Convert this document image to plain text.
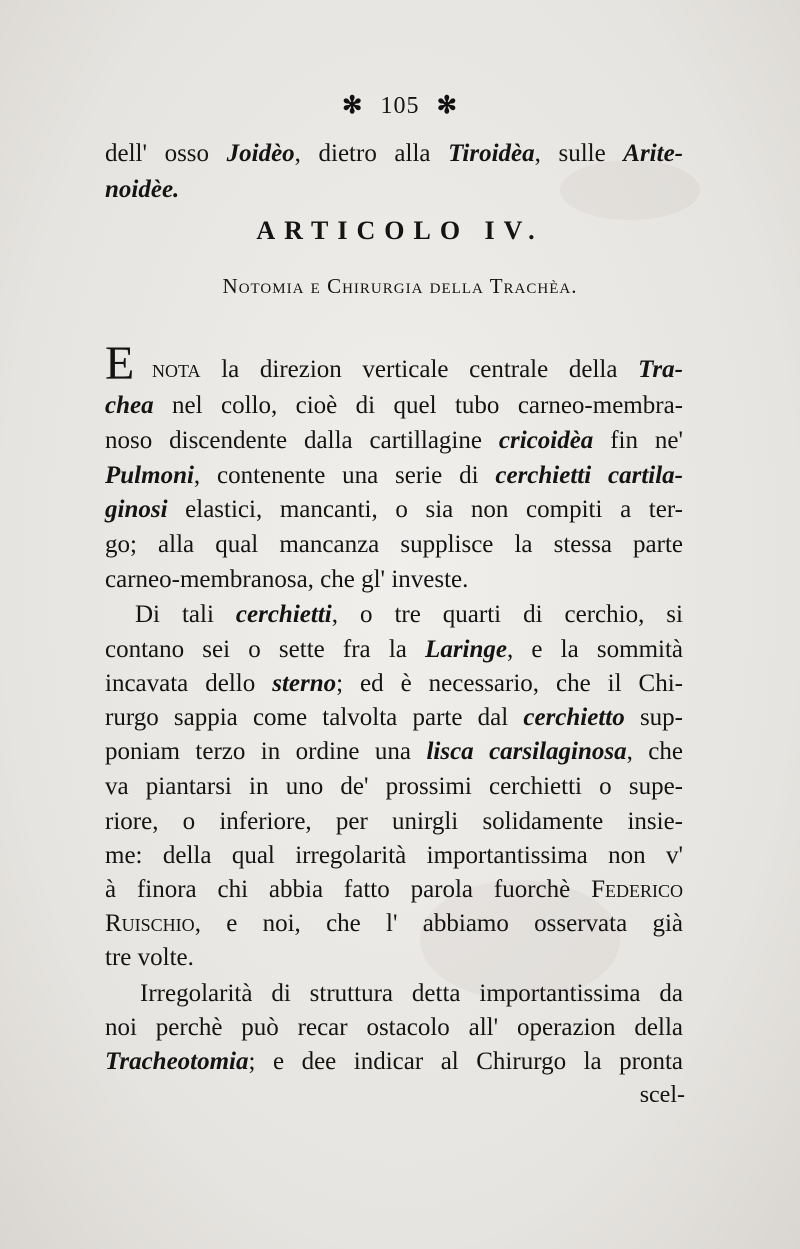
✻ 105 ✻
dell' osso Joidèo, dietro alla Tiroidèa, sulle Arite-
noidèe.
ARTICOLO IV.
Notomia e Chirurgia della Trachèa.
E nota la direzion verticale centrale della Tra-
chea nel collo, cioè di quel tubo carneo-membra-
noso discendente dalla cartillagine cricoidèa fin ne'
Pulmoni, contenente una serie di cerchietti cartila-
ginosi elastici, mancanti, o sia non compiti a ter-
go; alla qual mancanza supplisce la stessa parte
carneo-membranosa, che gl' investe.
Di tali cerchietti, o tre quarti di cerchio, si
contano sei o sette fra la Laringe, e la sommità
incavata dello sterno; ed è necessario, che il Chi-
rurgo sappia come talvolta parte dal cerchietto sup-
poniam terzo in ordine una lisca carsilaginosa, che
va piantarsi in uno de' prossimi cerchietti o supe-
riore, o inferiore, per unirgli solidamente insie-
me: della qual irregolarità importantissima non v'
à finora chi abbia fatto parola fuorchè Federico
Ruischio, e noi, che l' abbiamo osservata già
tre volte.
Irregolarità di struttura detta importantissima da
noi perchè può recar ostacolo all' operazion della
Tracheotomia; e dee indicar al Chirurgo la pronta
scel-
